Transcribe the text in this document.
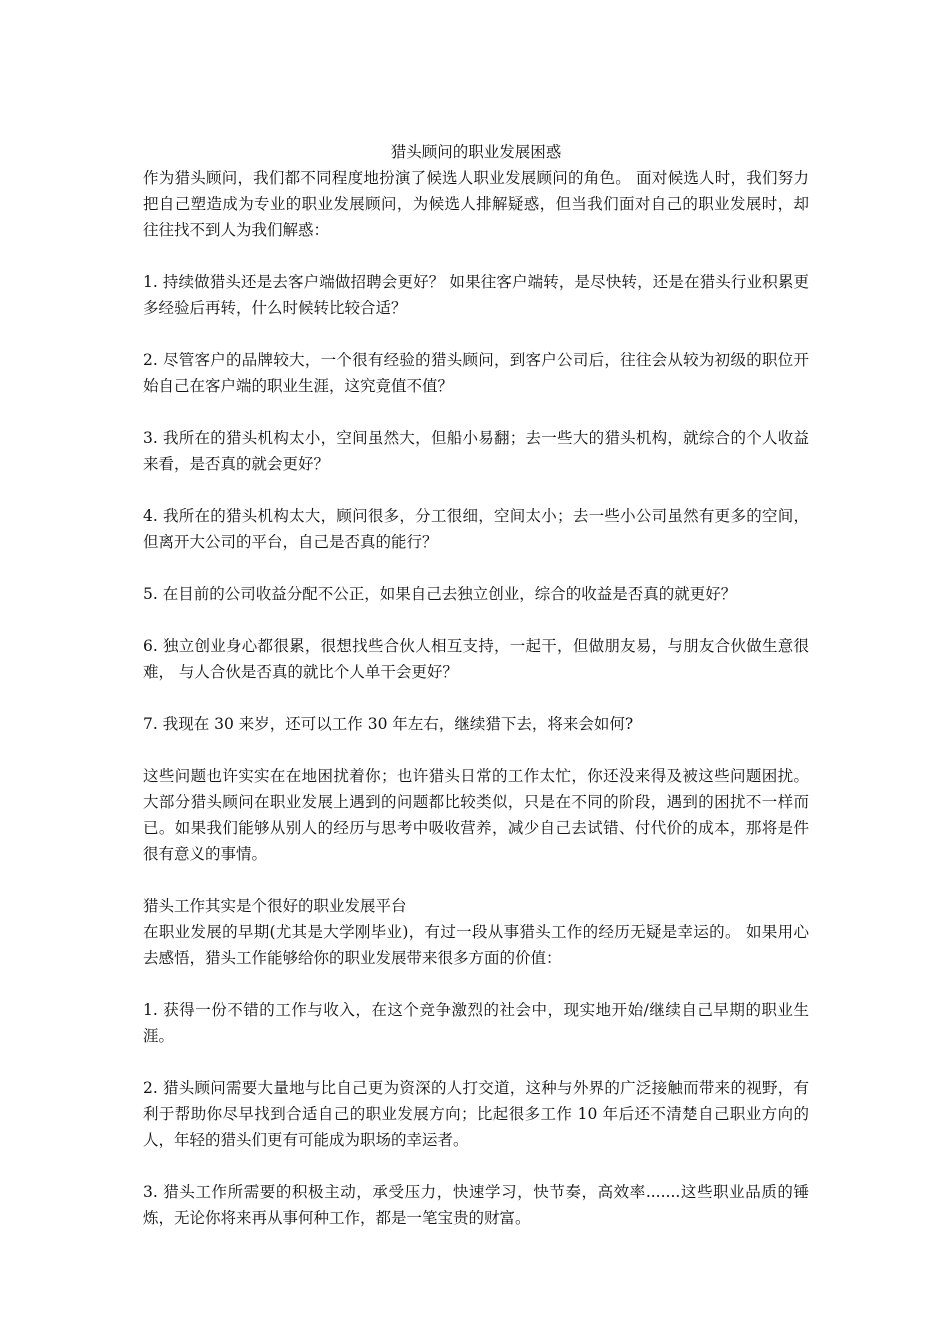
猎头顾问的职业发展困惑

作为猎头顾问，我们都不同程度地扮演了候选人职业发展顾问的角色。 面对候选人时，我们努力把自己塑造成为专业的职业发展顾问，为候选人排解疑惑，但当我们面对自己的职业发展时，却往往找不到人为我们解惑：

1. 持续做猎头还是去客户端做招聘会更好？ 如果往客户端转，是尽快转，还是在猎头行业积累更多经验后再转，什么时候转比较合适？

2. 尽管客户的品牌较大，一个很有经验的猎头顾问，到客户公司后，往往会从较为初级的职位开始自己在客户端的职业生涯，这究竟值不值？

3. 我所在的猎头机构太小，空间虽然大，但船小易翻；去一些大的猎头机构，就综合的个人收益来看，是否真的就会更好？

4. 我所在的猎头机构太大，顾问很多，分工很细，空间太小；去一些小公司虽然有更多的空间， 但离开大公司的平台，自己是否真的能行？

5. 在目前的公司收益分配不公正，如果自己去独立创业，综合的收益是否真的就更好？

6. 独立创业身心都很累，很想找些合伙人相互支持，一起干，但做朋友易，与朋友合伙做生意很难， 与人合伙是否真的就比个人单干会更好？

7. 我现在 30 来岁，还可以工作 30 年左右，继续猎下去，将来会如何?

这些问题也许实实在在地困扰着你；也许猎头日常的工作太忙，你还没来得及被这些问题困扰。大部分猎头顾问在职业发展上遇到的问题都比较类似，只是在不同的阶段，遇到的困扰不一样而已。如果我们能够从别人的经历与思考中吸收营养，减少自己去试错、付代价的成本，那将是件很有意义的事情。

猎头工作其实是个很好的职业发展平台

在职业发展的早期(尤其是大学刚毕业)，有过一段从事猎头工作的经历无疑是幸运的。 如果用心去感悟，猎头工作能够给你的职业发展带来很多方面的价值：

1. 获得一份不错的工作与收入，在这个竞争激烈的社会中，现实地开始/继续自己早期的职业生涯。

2. 猎头顾问需要大量地与比自己更为资深的人打交道，这种与外界的广泛接触而带来的视野，有利于帮助你尽早找到合适自己的职业发展方向；比起很多工作 10 年后还不清楚自己职业方向的人，年轻的猎头们更有可能成为职场的幸运者。

3. 猎头工作所需要的积极主动，承受压力，快速学习，快节奏，高效率.......这些职业品质的锤炼，无论你将来再从事何种工作，都是一笔宝贵的财富。
